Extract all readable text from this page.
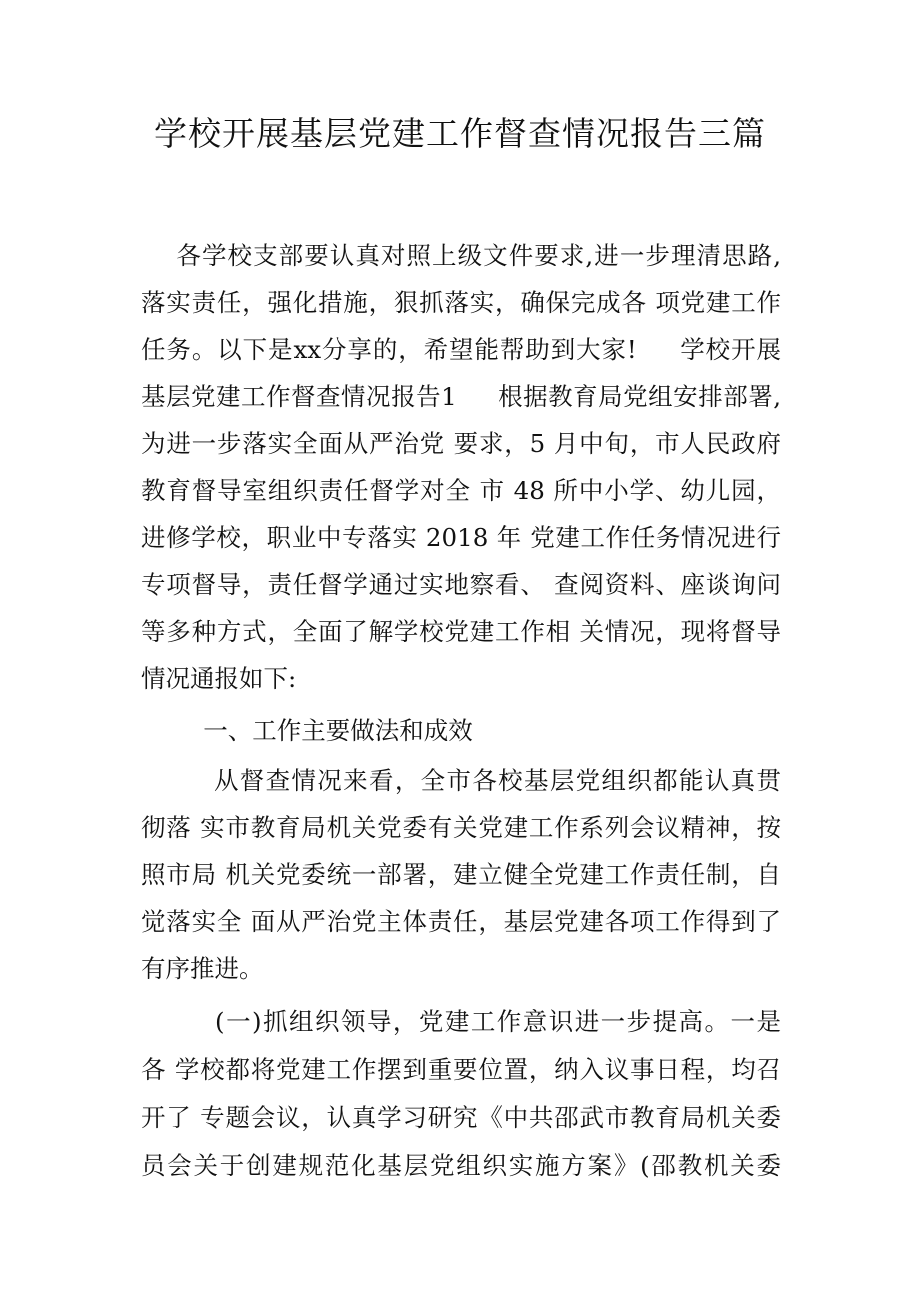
学校开展基层党建工作督查情况报告三篇
各学校支部要认真对照上级文件要求,进一步理清思路,
落实责任，强化措施，狠抓落实，确保完成各 项党建工作
任务。以下是xx分享的，希望能帮助到大家!     学校开展
基层党建工作督查情况报告1     根据教育局党组安排部署,
为进一步落实全面从严治党 要求，5 月中旬，市人民政府
教育督导室组织责任督学对全 市 48 所中小学、幼儿园，
进修学校，职业中专落实 2018 年 党建工作任务情况进行
专项督导，责任督学通过实地察看、 查阅资料、座谈询问
等多种方式，全面了解学校党建工作相 关情况，现将督导
情况通报如下:
一、工作主要做法和成效
从督查情况来看，全市各校基层党组织都能认真贯
彻落 实市教育局机关党委有关党建工作系列会议精神，按
照市局 机关党委统一部署，建立健全党建工作责任制，自
觉落实全 面从严治党主体责任，基层党建各项工作得到了
有序推进。
(一)抓组织领导，党建工作意识进一步提高。一是
各 学校都将党建工作摆到重要位置，纳入议事日程，均召
开了 专题会议，认真学习研究《中共邵武市教育局机关委
员会关于创建规范化基层党组织实施方案》(邵教机关委
